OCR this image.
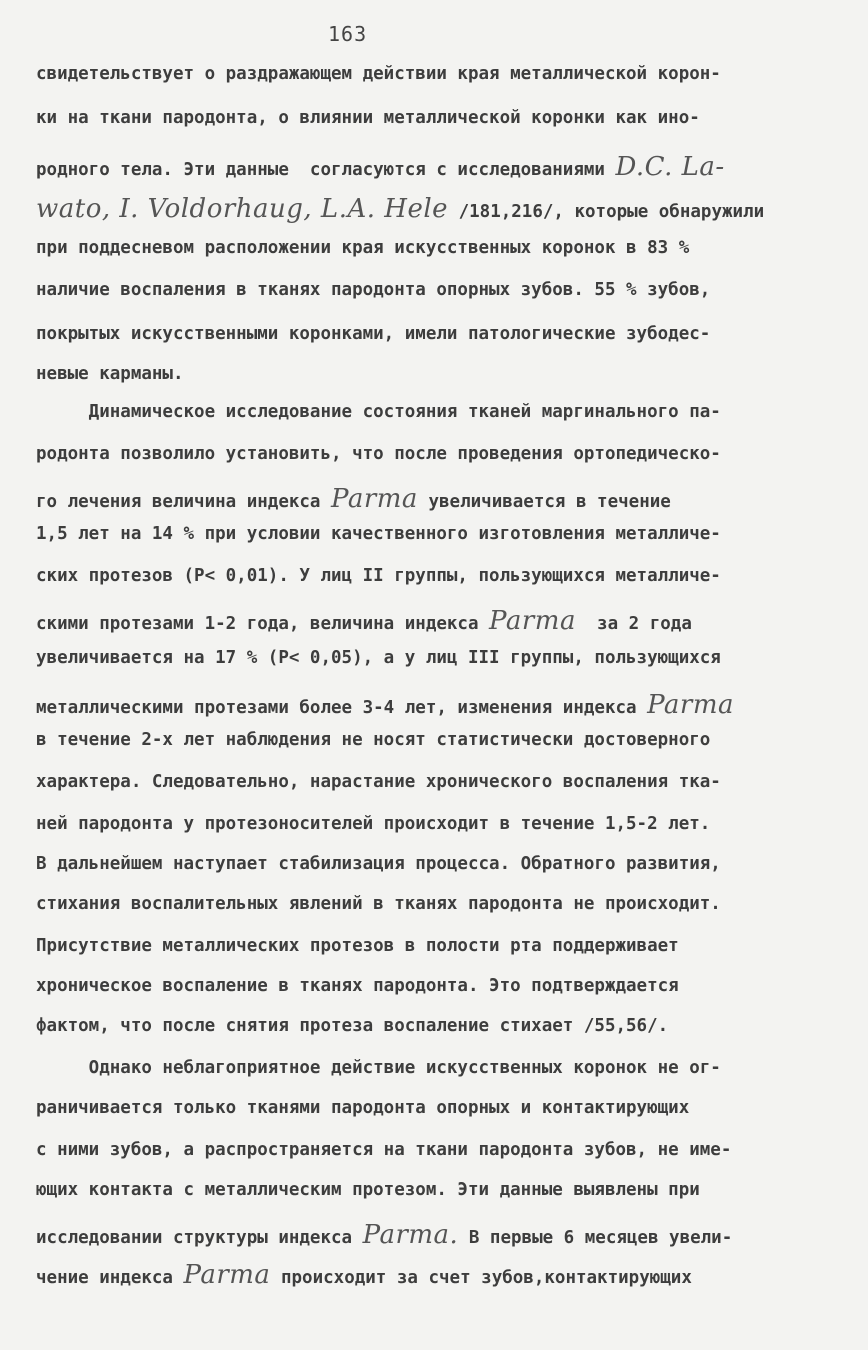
163
свидетельствует о раздражающем действии края металлической корон-
ки на ткани пародонта, о влиянии металлической коронки как ино-
родного тела. Эти данные  согласуются с исследованиями D.C. La-
wato, I. Voldorhaug, L.A. Hele /181,216/, которые обнаружили
при поддесневом расположении края искусственных коронок в 83 %
наличие воспаления в тканях пародонта опорных зубов. 55 % зубов,
покрытых искусственными коронками, имели патологические зубодес-
невые карманы.
Динамическое исследование состояния тканей маргинального па-
родонта позволило установить, что после проведения ортопедическо-
го лечения величина индекса Parma увеличивается в течение
1,5 лет на 14 % при условии качественного изготовления металличе-
ских протезов (Р< 0,01). У лиц II группы, пользующихся металличе-
скими протезами 1-2 года, величина индекса Parma  за 2 года
увеличивается на 17 % (Р< 0,05), а у лиц III группы, пользующихся
металлическими протезами более 3-4 лет, изменения индекса Parma
в течение 2-х лет наблюдения не носят статистически достоверного
характера. Следовательно, нарастание хронического воспаления тка-
ней пародонта у протезоносителей происходит в течение 1,5-2 лет.
В дальнейшем наступает стабилизация процесса. Обратного развития,
стихания воспалительных явлений в тканях пародонта не происходит.
Присутствие металлических протезов в полости рта поддерживает
хроническое воспаление в тканях пародонта. Это подтверждается
фактом, что после снятия протеза воспаление стихает /55,56/.
Однако неблагоприятное действие искусственных коронок не ог-
раничивается только тканями пародонта опорных и контактирующих
с ними зубов, а распространяется на ткани пародонта зубов, не име-
ющих контакта с металлическим протезом. Эти данные выявлены при
исследовании структуры индекса Parma. В первые 6 месяцев увели-
чение индекса Parma происходит за счет зубов,контактирующих
